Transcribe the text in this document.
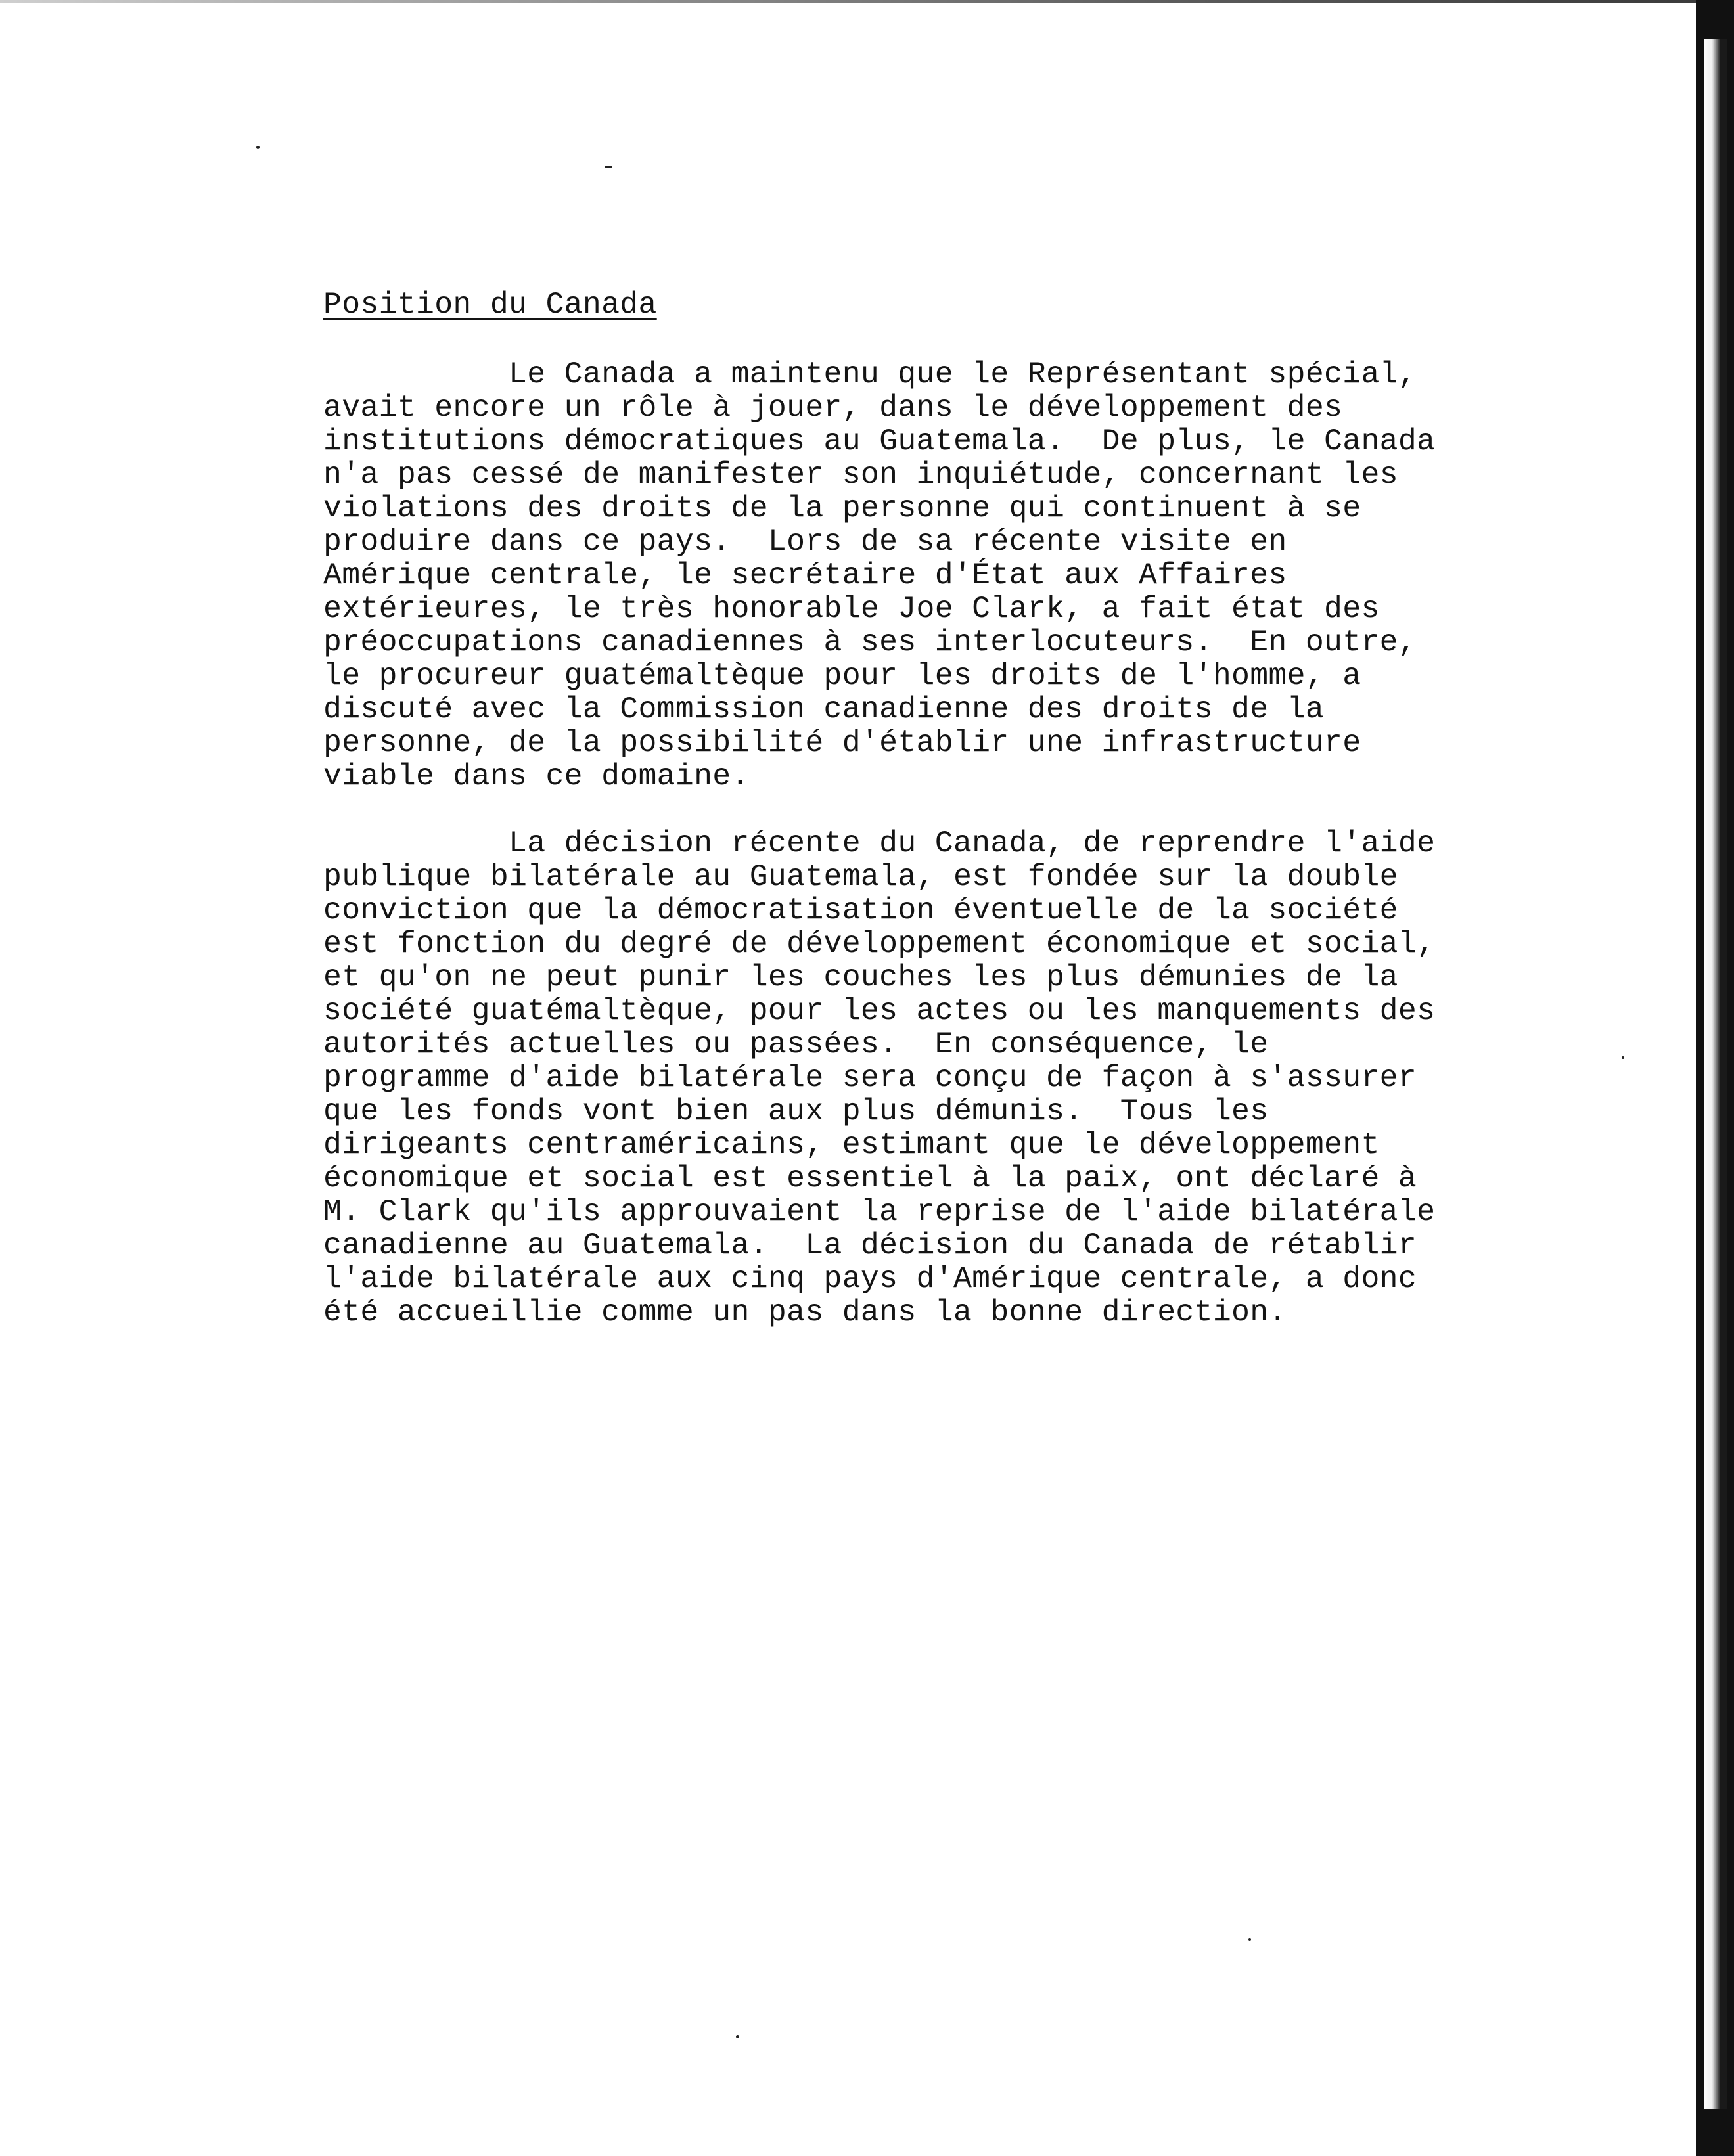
Position du Canada
Le Canada a maintenu que le Représentant spécial,
avait encore un rôle à jouer, dans le développement des
institutions démocratiques au Guatemala.  De plus, le Canada
n'a pas cessé de manifester son inquiétude, concernant les
violations des droits de la personne qui continuent à se
produire dans ce pays.  Lors de sa récente visite en
Amérique centrale, le secrétaire d'État aux Affaires
extérieures, le très honorable Joe Clark, a fait état des
préoccupations canadiennes à ses interlocuteurs.  En outre,
le procureur guatémaltèque pour les droits de l'homme, a
discuté avec la Commission canadienne des droits de la
personne, de la possibilité d'établir une infrastructure
viable dans ce domaine.
La décision récente du Canada, de reprendre l'aide
publique bilatérale au Guatemala, est fondée sur la double
conviction que la démocratisation éventuelle de la société
est fonction du degré de développement économique et social,
et qu'on ne peut punir les couches les plus démunies de la
société guatémaltèque, pour les actes ou les manquements des
autorités actuelles ou passées.  En conséquence, le
programme d'aide bilatérale sera conçu de façon à s'assurer
que les fonds vont bien aux plus démunis.  Tous les
dirigeants centraméricains, estimant que le développement
économique et social est essentiel à la paix, ont déclaré à
M. Clark qu'ils approuvaient la reprise de l'aide bilatérale
canadienne au Guatemala.  La décision du Canada de rétablir
l'aide bilatérale aux cinq pays d'Amérique centrale, a donc
été accueillie comme un pas dans la bonne direction.
